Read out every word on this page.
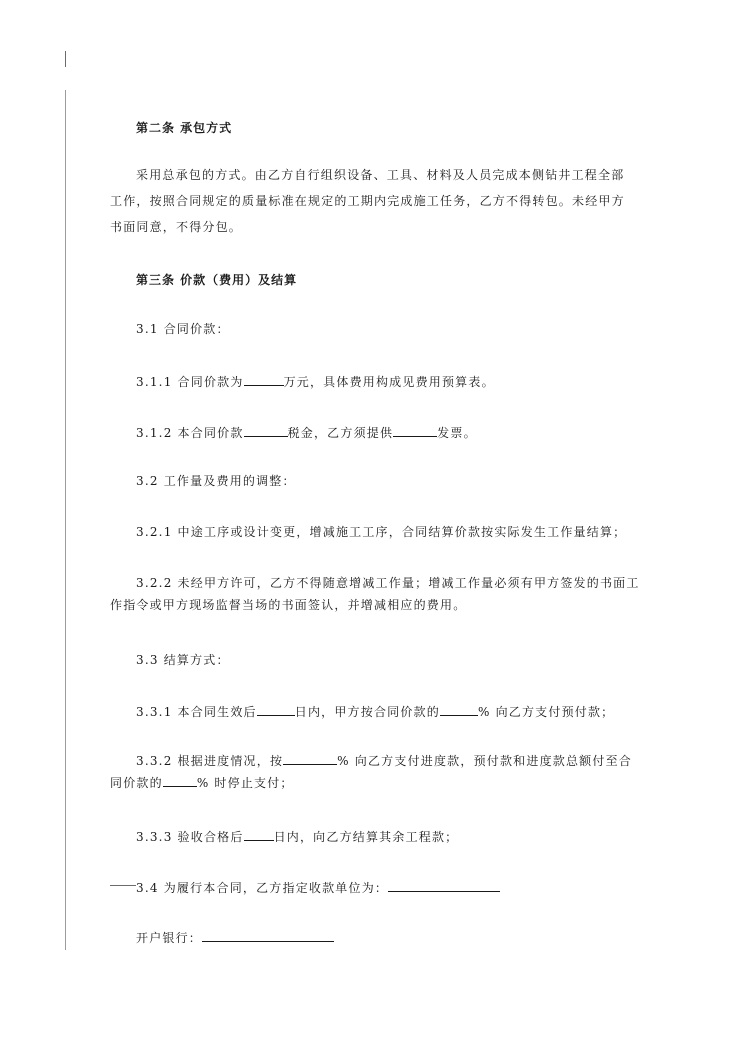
第二条 承包方式
采用总承包的方式。由乙方自行组织设备、工具、材料及人员完成本侧钻井工程全部工作，按照合同规定的质量标准在规定的工期内完成施工任务，乙方不得转包。未经甲方书面同意，不得分包。
第三条 价款（费用）及结算
3.1 合同价款：
3.1.1 合同价款为	万元，具体费用构成见费用预算表。
3.1.2 本合同价款	税金，乙方须提供	发票。
3.2 工作量及费用的调整：
3.2.1 中途工序或设计变更，增减施工工序，合同结算价款按实际发生工作量结算；
3.2.2 未经甲方许可，乙方不得随意增减工作量；增减工作量必须有甲方签发的书面工
作指令或甲方现场监督当场的书面签认，并增减相应的费用。
3.3 结算方式：
3.3.1 本合同生效后	日内，甲方按合同价款的	% 向乙方支付预付款；
3.3.2 根据进度情况，按	% 向乙方支付进度款，预付款和进度款总额付至合
同价款的	% 时停止支付；
3.3.3 验收合格后	日内，向乙方结算其余工程款；
3.4 为履行本合同，乙方指定收款单位为：
开户银行：
